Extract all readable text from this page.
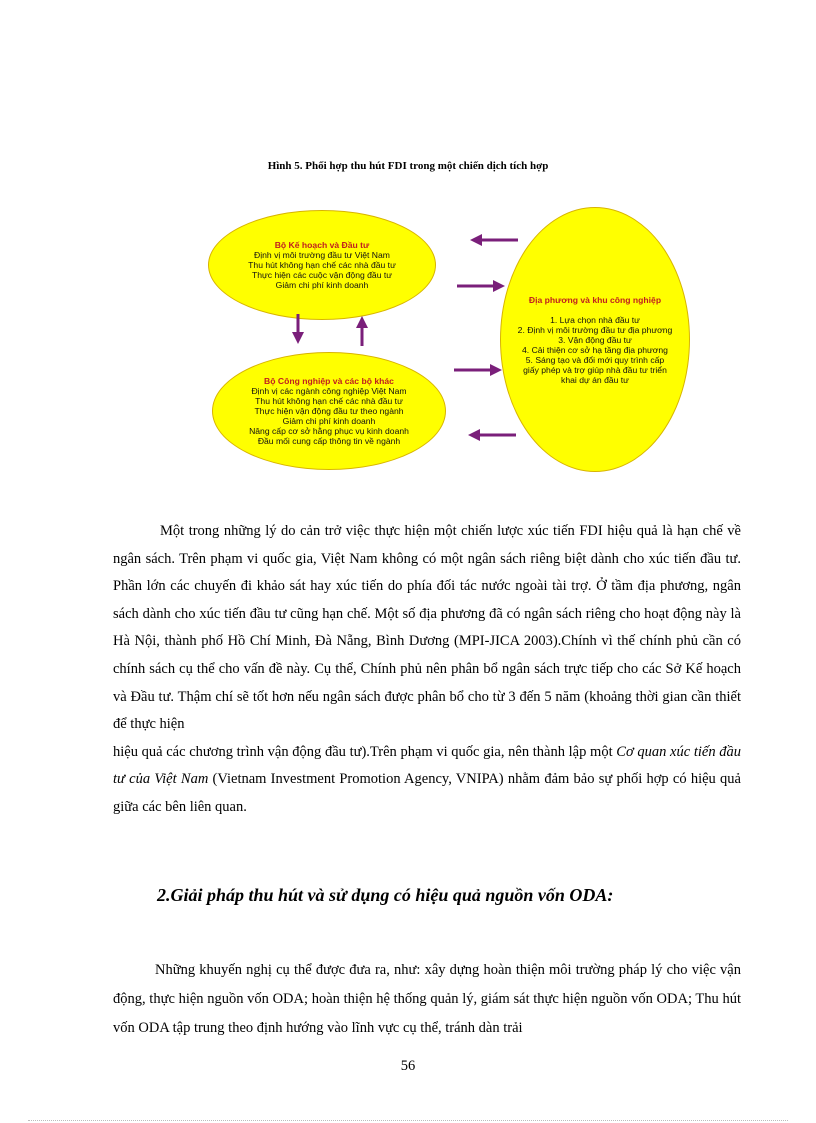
Hình 5. Phối hợp thu hút FDI trong một chiến dịch tích hợp
Bộ Kế hoạch và Đầu tư
Định vị môi trường đầu tư Việt Nam
Thu hút không hạn chế các nhà đầu tư
Thực hiện các cuộc vận động đầu tư
Giảm chi phí kinh doanh
Bộ Công nghiệp và các bộ khác
Định vị các ngành công nghiệp Việt Nam
Thu hút không hạn chế các nhà đầu tư
Thực hiện vận động đầu tư theo ngành
Giảm chi phí kinh doanh
Nâng cấp cơ sở hằng phục vụ kinh doanh
Đầu mối cung cấp thông tin về ngành
Địa phương và khu công nghiệp
1. Lựa chọn nhà đầu tư
2. Định vị môi trường đầu tư địa phương
3. Vận động đầu tư
4. Cải thiện cơ sở hạ tầng địa phương
5. Sáng tạo và đổi mới quy trình cấp
giấy phép và trợ giúp nhà đầu tư triển
khai dự án đầu tư

Một trong những lý do cản trở việc thực hiện một chiến lược xúc tiến FDI hiệu quả là hạn chế về ngân sách. Trên phạm vi quốc gia, Việt Nam không có một ngân sách riêng biệt dành cho xúc tiến đầu tư. Phần lớn các chuyến đi khảo sát hay xúc tiến do phía đối tác nước ngoài tài trợ. Ở tầm địa phương, ngân sách dành cho xúc tiến đầu tư cũng hạn chế. Một số địa phương đã có ngân sách riêng cho hoạt động này là Hà Nội, thành phố Hồ Chí Minh, Đà Nẵng, Bình Dương (MPI-JICA 2003).Chính vì thế chính phủ cần có chính sách cụ thể cho vấn đề này. Cụ thể, Chính phủ nên phân bổ ngân sách trực tiếp cho các Sở Kế hoạch và Đầu tư. Thậm chí sẽ tốt hơn nếu ngân sách được phân bổ cho từ 3 đến 5 năm (khoảng thời gian cần thiết để thực hiện
hiệu quả các chương trình vận động đầu tư).Trên phạm vi quốc gia, nên thành lập một Cơ quan xúc tiến đầu tư của Việt Nam (Vietnam Investment Promotion Agency, VNIPA) nhằm đảm bảo sự phối hợp có hiệu quả giữa các bên liên quan.

2.Giải pháp thu hút và sử dụng có hiệu quả nguồn vốn ODA:

Những khuyến nghị cụ thể được đưa ra, như: xây dựng hoàn thiện môi trường pháp lý cho việc vận động, thực hiện nguồn vốn ODA; hoàn thiện hệ thống quản lý, giám sát thực hiện nguồn vốn ODA; Thu hút vốn ODA tập trung theo định hướng vào lĩnh vực cụ thể, tránh dàn trải

56
